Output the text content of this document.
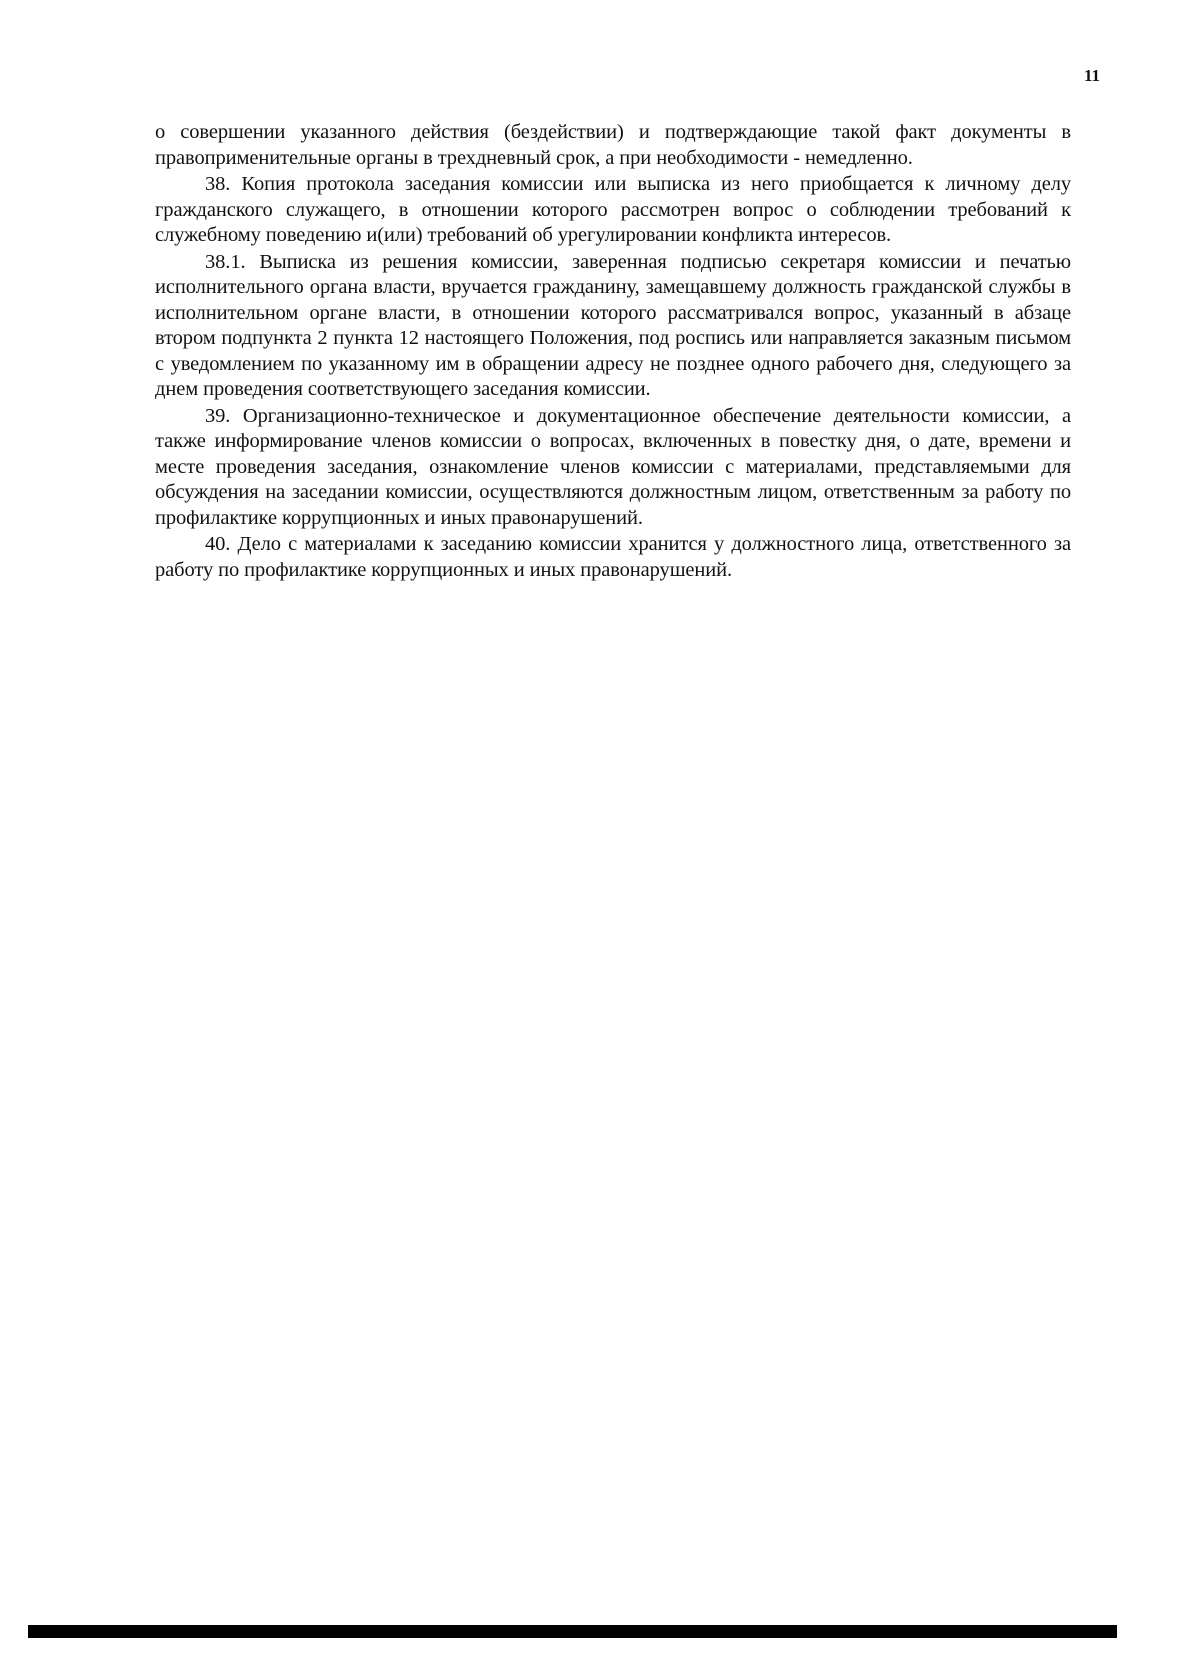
11

о совершении указанного действия (бездействии) и подтверждающие такой факт документы в правоприменительные органы в трехдневный срок, а при необходимости - немедленно.

38. Копия протокола заседания комиссии или выписка из него приобщается к личному делу гражданского служащего, в отношении которого рассмотрен вопрос о соблюдении требований к служебному поведению и(или) требований об урегулировании конфликта интересов.

38.1. Выписка из решения комиссии, заверенная подписью секретаря комиссии и печатью исполнительного органа власти, вручается гражданину, замещавшему должность гражданской службы в исполнительном органе власти, в отношении которого рассматривался вопрос, указанный в абзаце втором подпункта 2 пункта 12 настоящего Положения, под роспись или направляется заказным письмом с уведомлением по указанному им в обращении адресу не позднее одного рабочего дня, следующего за днем проведения соответствующего заседания комиссии.

39. Организационно-техническое и документационное обеспечение деятельности комиссии, а также информирование членов комиссии о вопросах, включенных в повестку дня, о дате, времени и месте проведения заседания, ознакомление членов комиссии с материалами, представляемыми для обсуждения на заседании комиссии, осуществляются должностным лицом, ответственным за работу по профилактике коррупционных и иных правонарушений.

40. Дело с материалами к заседанию комиссии хранится у должностного лица, ответственного за работу по профилактике коррупционных и иных правонарушений.
